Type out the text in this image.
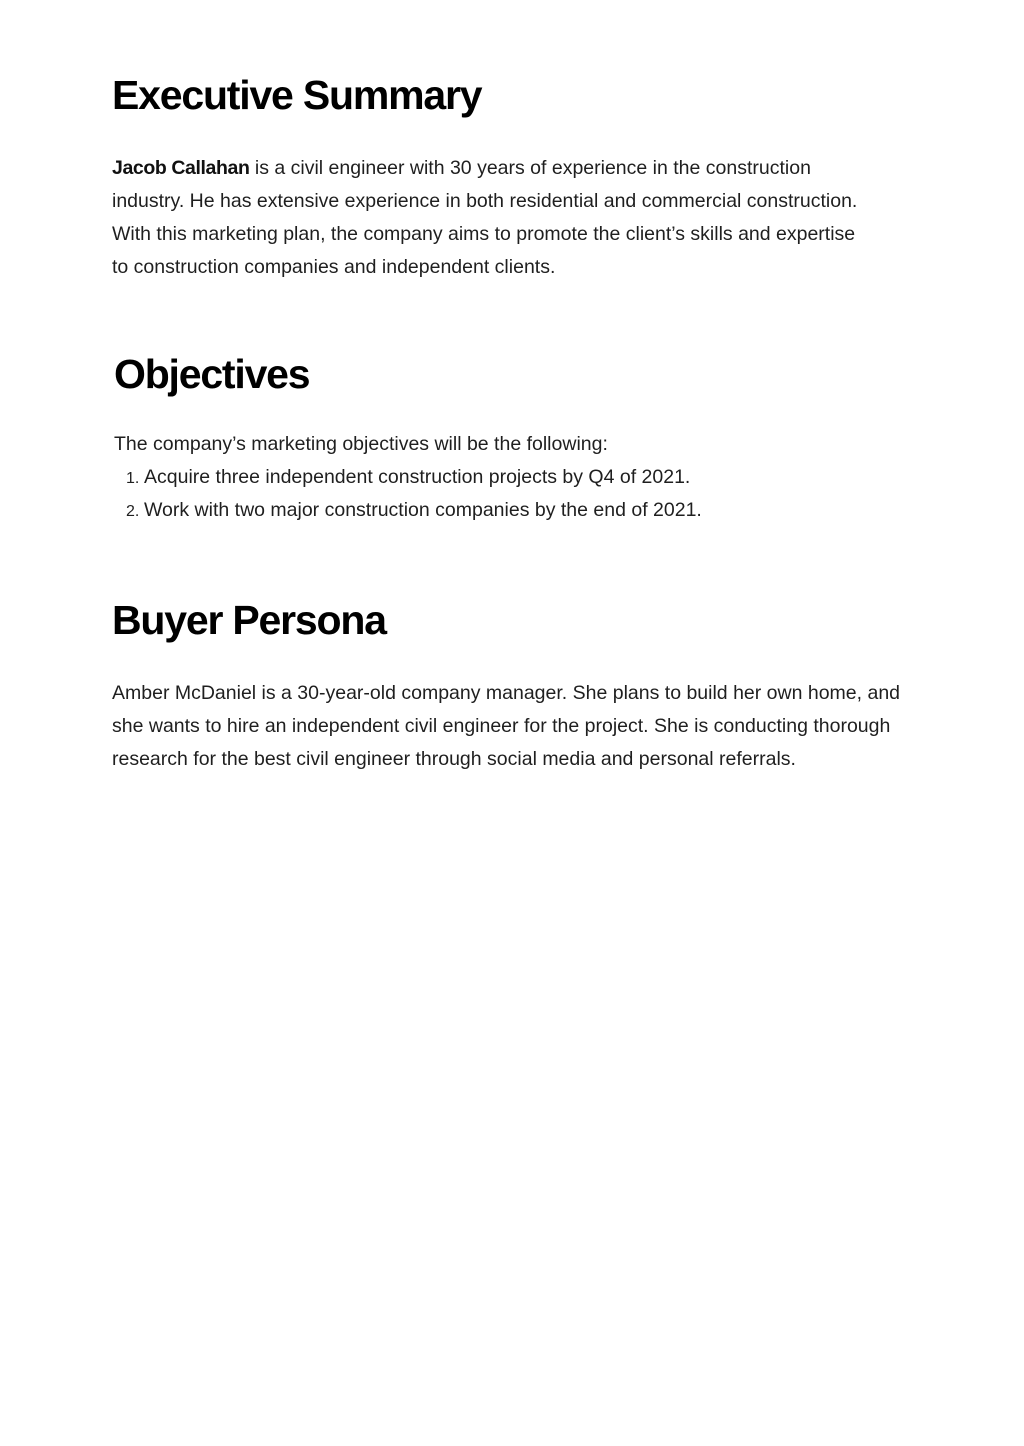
Executive Summary

Jacob Callahan is a civil engineer with 30 years of experience in the construction industry. He has extensive experience in both residential and commercial construction. With this marketing plan, the company aims to promote the client’s skills and expertise to construction companies and independent clients.

Objectives

The company’s marketing objectives will be the following:

1. Acquire three independent construction projects by Q4 of 2021.
2. Work with two major construction companies by the end of 2021.
Buyer Persona

Amber McDaniel is a 30-year-old company manager. She plans to build her own home, and she wants to hire an independent civil engineer for the project. She is conducting thorough research for the best civil engineer through social media and personal referrals.
